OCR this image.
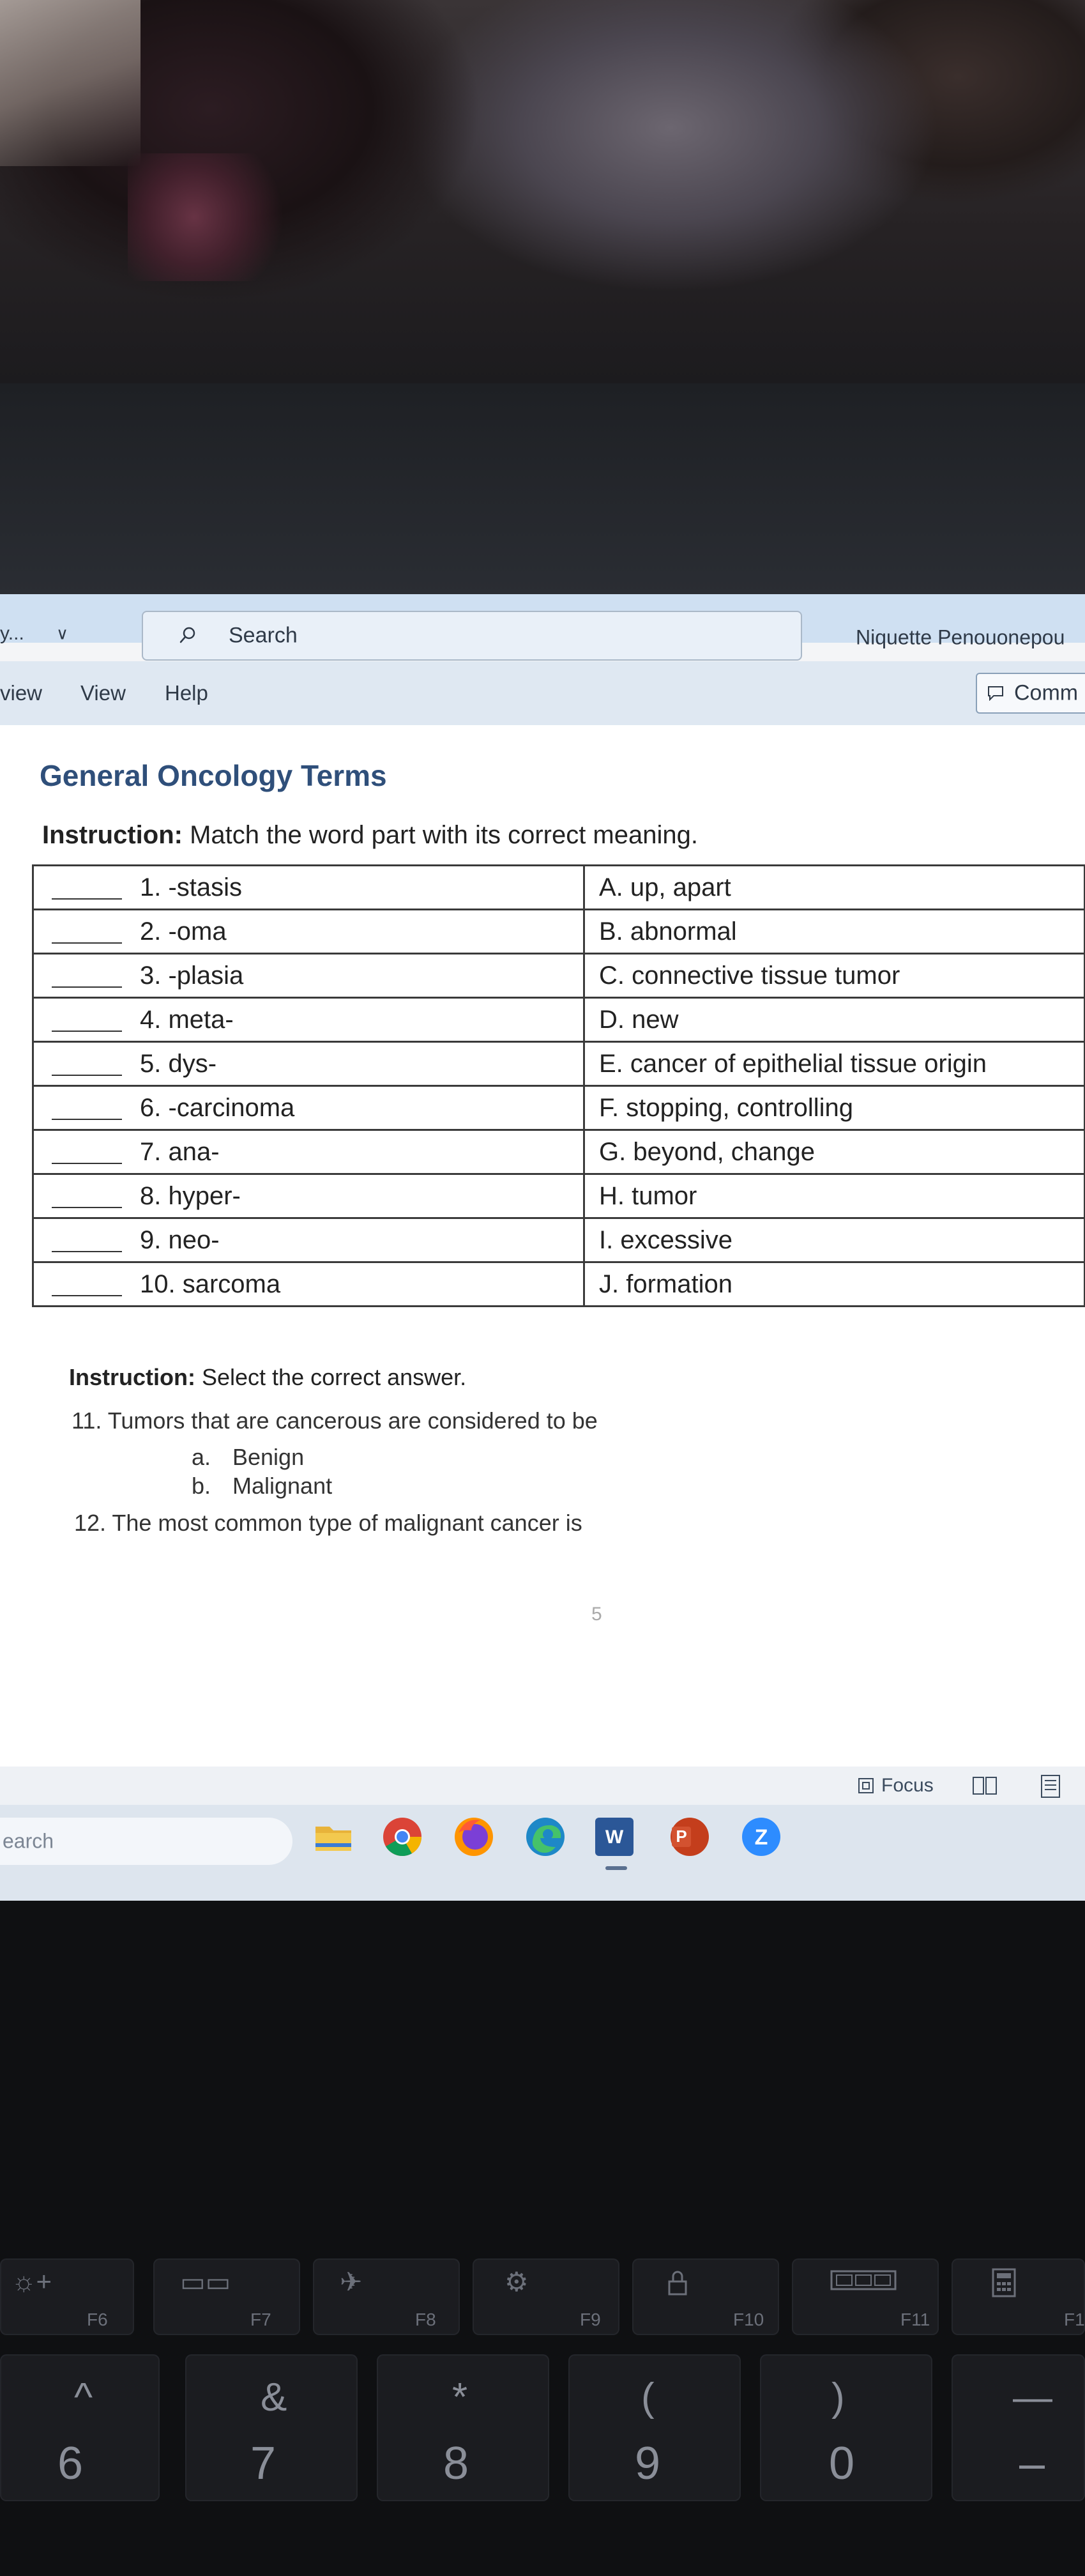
y... ∨	Search	Niquette Penouonepou
view View Help	Comm
General Oncology Terms
Instruction: Match the word part with its correct meaning.
1. -stasis	A. up, apart
2. -oma	B. abnormal
3. -plasia	C. connective tissue tumor
4. meta-	D. new
5. dys-	E. cancer of epithelial tissue origin
6. -carcinoma	F. stopping, controlling
7. ana-	G. beyond, change
8. hyper-	H. tumor
9. neo-	I. excessive
10. sarcoma	J. formation
Instruction: Select the correct answer.
11. Tumors that are cancerous are considered to be
a. Benign
b. Malignant
12. The most common type of malignant cancer is
5
Focus
earch	W	P	Z
☼+
F6
▭▭
F7
✈
F8
⚙
F9	F10	F11	F1
^
6
&
7
*
8
(
9
)
0
—
–
